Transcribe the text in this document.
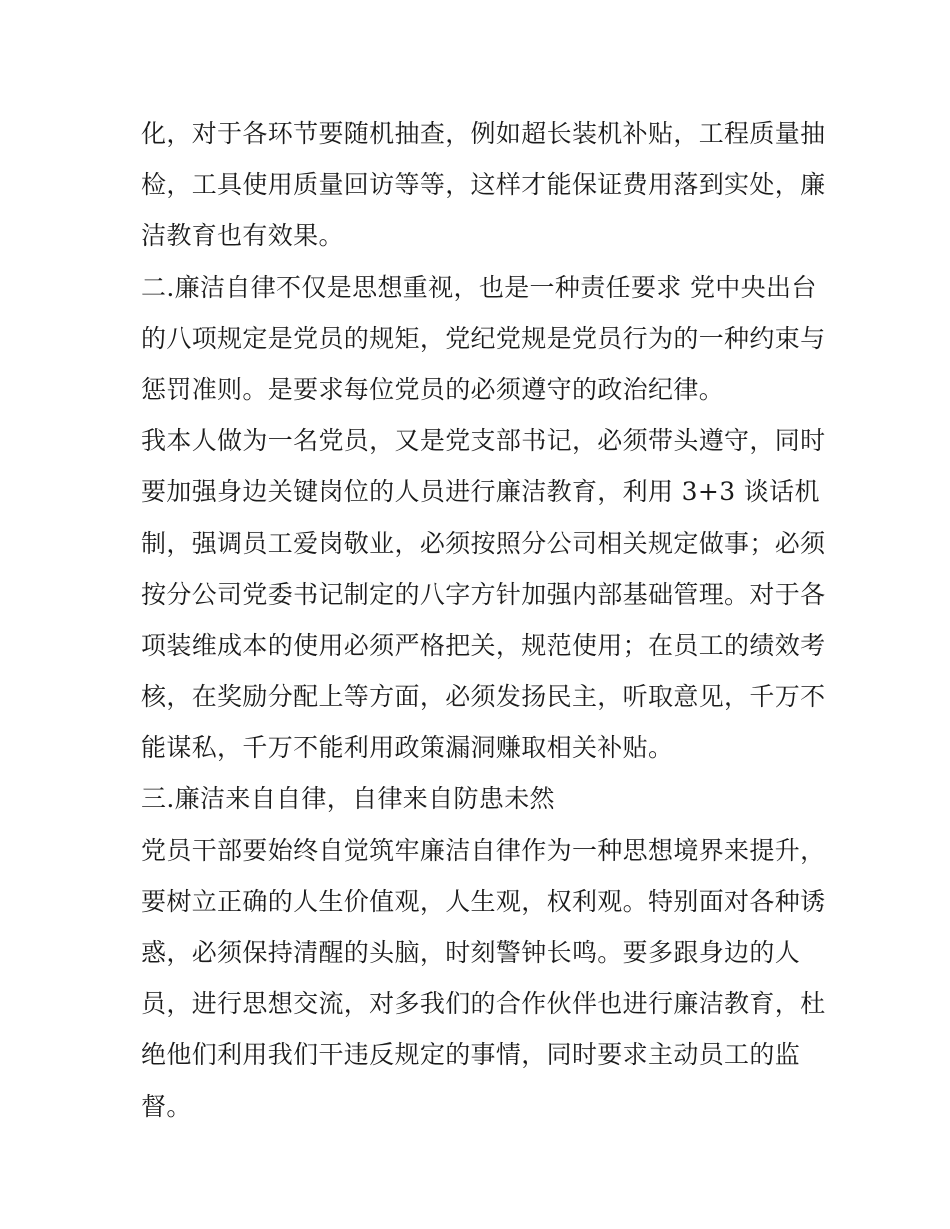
化，对于各环节要随机抽查，例如超长装机补贴，工程质量抽
检，工具使用质量回访等等，这样才能保证费用落到实处，廉
洁教育也有效果。
二.廉洁自律不仅是思想重视，也是一种责任要求 党中央出台
的八项规定是党员的规矩，党纪党规是党员行为的一种约束与
惩罚准则。是要求每位党员的必须遵守的政治纪律。
我本人做为一名党员，又是党支部书记，必须带头遵守，同时
要加强身边关键岗位的人员进行廉洁教育，利用 3+3 谈话机
制，强调员工爱岗敬业，必须按照分公司相关规定做事；必须
按分公司党委书记制定的八字方针加强内部基础管理。对于各
项装维成本的使用必须严格把关，规范使用；在员工的绩效考
核，在奖励分配上等方面，必须发扬民主，听取意见，千万不
能谋私，千万不能利用政策漏洞赚取相关补贴。
三.廉洁来自自律，自律来自防患未然
党员干部要始终自觉筑牢廉洁自律作为一种思想境界来提升，
要树立正确的人生价值观，人生观，权利观。特别面对各种诱
惑，必须保持清醒的头脑，时刻警钟长鸣。要多跟身边的人
员，进行思想交流，对多我们的合作伙伴也进行廉洁教育，杜
绝他们利用我们干违反规定的事情，同时要求主动员工的监
督。
